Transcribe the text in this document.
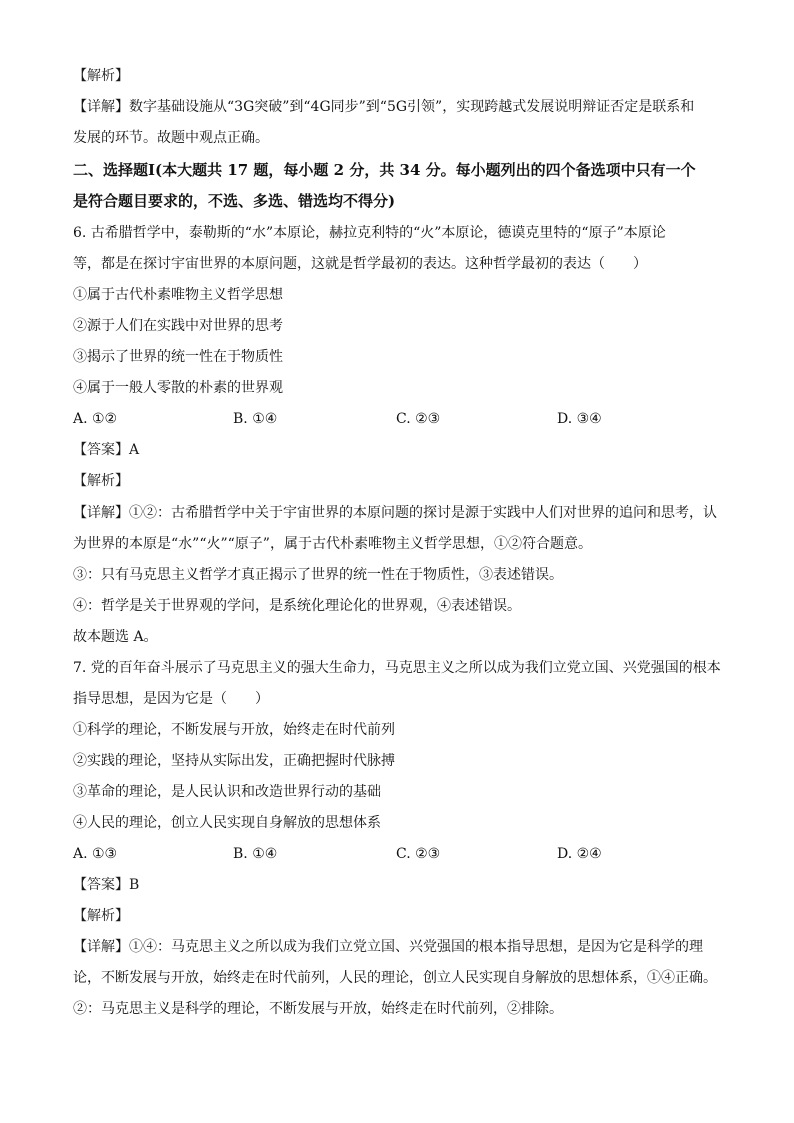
【解析】
【详解】数字基础设施从“3G突破”到“4G同步”到“5G引领”，实现跨越式发展说明辩证否定是联系和
发展的环节。故题中观点正确。
二、选择题Ⅰ(本大题共 17 题，每小题 2 分，共 34 分。每小题列出的四个备选项中只有一个
是符合题目要求的，不选、多选、错选均不得分)
6. 古希腊哲学中，泰勒斯的“水”本原论，赫拉克利特的“火”本原论，德谟克里特的“原子”本原论
等，都是在探讨宇宙世界的本原问题，这就是哲学最初的表达。这种哲学最初的表达（　　）
①属于古代朴素唯物主义哲学思想
②源于人们在实践中对世界的思考
③揭示了世界的统一性在于物质性
④属于一般人零散的朴素的世界观
A. ①②	B. ①④	C. ②③	D. ③④
【答案】A
【解析】
【详解】①②：古希腊哲学中关于宇宙世界的本原问题的探讨是源于实践中人们对世界的追问和思考，认
为世界的本原是“水”“火”“原子”，属于古代朴素唯物主义哲学思想，①②符合题意。
③：只有马克思主义哲学才真正揭示了世界的统一性在于物质性，③表述错误。
④：哲学是关于世界观的学问，是系统化理论化的世界观，④表述错误。
故本题选 A。
7. 党的百年奋斗展示了马克思主义的强大生命力，马克思主义之所以成为我们立党立国、兴党强国的根本
指导思想，是因为它是（　　）
①科学的理论，不断发展与开放，始终走在时代前列
②实践的理论，坚持从实际出发，正确把握时代脉搏
③革命的理论，是人民认识和改造世界行动的基础
④人民的理论，创立人民实现自身解放的思想体系
A. ①③	B. ①④	C. ②③	D. ②④
【答案】B
【解析】
【详解】①④：马克思主义之所以成为我们立党立国、兴党强国的根本指导思想，是因为它是科学的理
论，不断发展与开放，始终走在时代前列，人民的理论，创立人民实现自身解放的思想体系，①④正确。
②：马克思主义是科学的理论，不断发展与开放，始终走在时代前列，②排除。
